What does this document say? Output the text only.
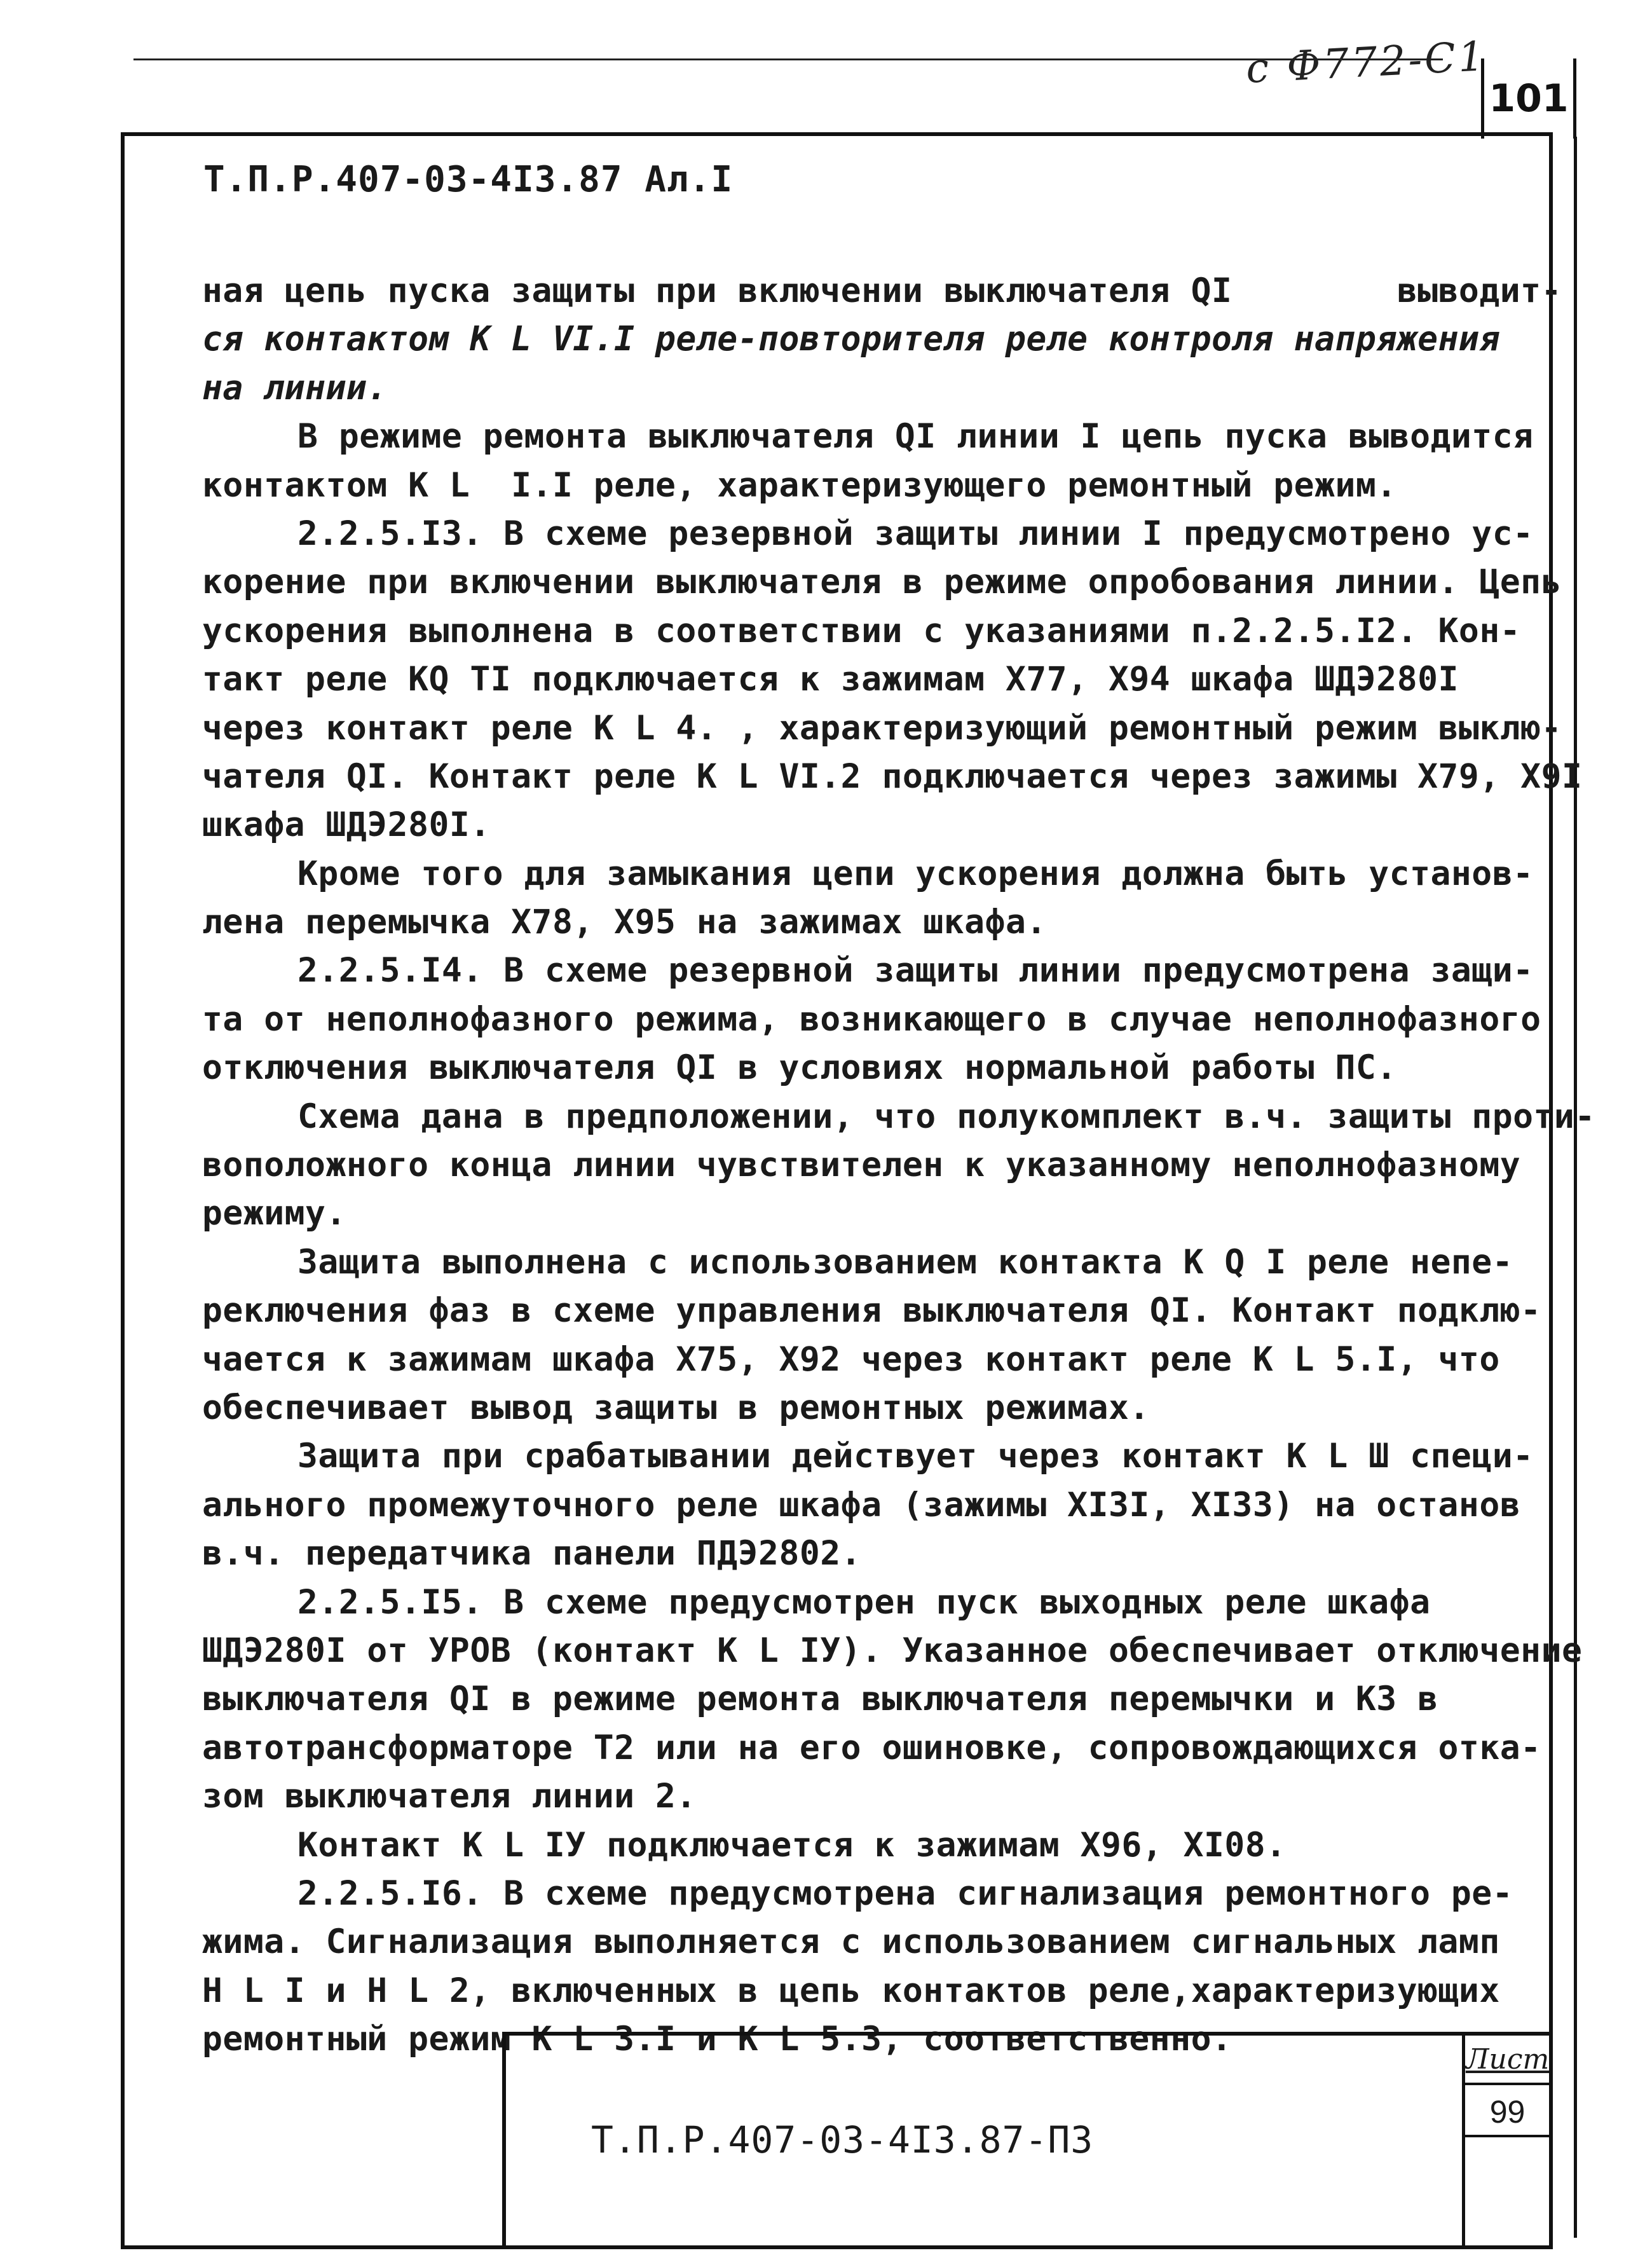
с Ф772-С1
101
Т.П.Р.407-03-4I3.87 Ал.I
ная цепь пуска защиты при включении выключателя QI        выводит-
ся контактом К L VI.I реле-повторителя реле контроля напряжения
на линии.
В режиме ремонта выключателя QI линии I цепь пуска выводится
контактом К L  I.I реле, характеризующего ремонтный режим.
2.2.5.I3. В схеме резервной защиты линии I предусмотрено ус-
корение при включении выключателя в режиме опробования линии. Цепь
ускорения выполнена в соответствии с указаниями п.2.2.5.I2. Кон-
такт реле KQ TI подключается к зажимам Х77, Х94 шкафа ШДЭ280I
через контакт реле К L 4. , характеризующий ремонтный режим выклю-
чателя QI. Контакт реле К L VI.2 подключается через зажимы Х79, Х9I
шкафа ШДЭ280I.
Кроме того для замыкания цепи ускорения должна быть установ-
лена перемычка Х78, Х95 на зажимах шкафа.
2.2.5.I4. В схеме резервной защиты линии предусмотрена защи-
та от неполнофазного режима, возникающего в случае неполнофазного
отключения выключателя QI в условиях нормальной работы ПС.
Схема дана в предположении, что полукомплект в.ч. защиты проти-
воположного конца линии чувствителен к указанному неполнофазному
режиму.
Защита выполнена с использованием контакта К Q I реле непе-
реключения фаз в схеме управления выключателя QI. Контакт подклю-
чается к зажимам шкафа Х75, Х92 через контакт реле К L 5.I, что
обеспечивает вывод защиты в ремонтных режимах.
Защита при срабатывании действует через контакт К L Ш специ-
ального промежуточного реле шкафа (зажимы ХI3I, ХI33) на останов
в.ч. передатчика панели ПДЭ2802.
2.2.5.I5. В схеме предусмотрен пуск выходных реле шкафа
ШДЭ280I от УРОВ (контакт К L IУ). Указанное обеспечивает отключение
выключателя QI в режиме ремонта выключателя перемычки и КЗ в
автотрансформаторе Т2 или на его ошиновке, сопровождающихся отка-
зом выключателя линии 2.
Контакт К L IУ подключается к зажимам Х96, ХI08.
2.2.5.I6. В схеме предусмотрена сигнализация ремонтного ре-
жима. Сигнализация выполняется с использованием сигнальных ламп
H L I и H L 2, включенных в цепь контактов реле,характеризующих
ремонтный режим К L 3.I и К L 5.3, соответственно.
Т.П.Р.407-03-4I3.87-ПЗ
Лист
99
